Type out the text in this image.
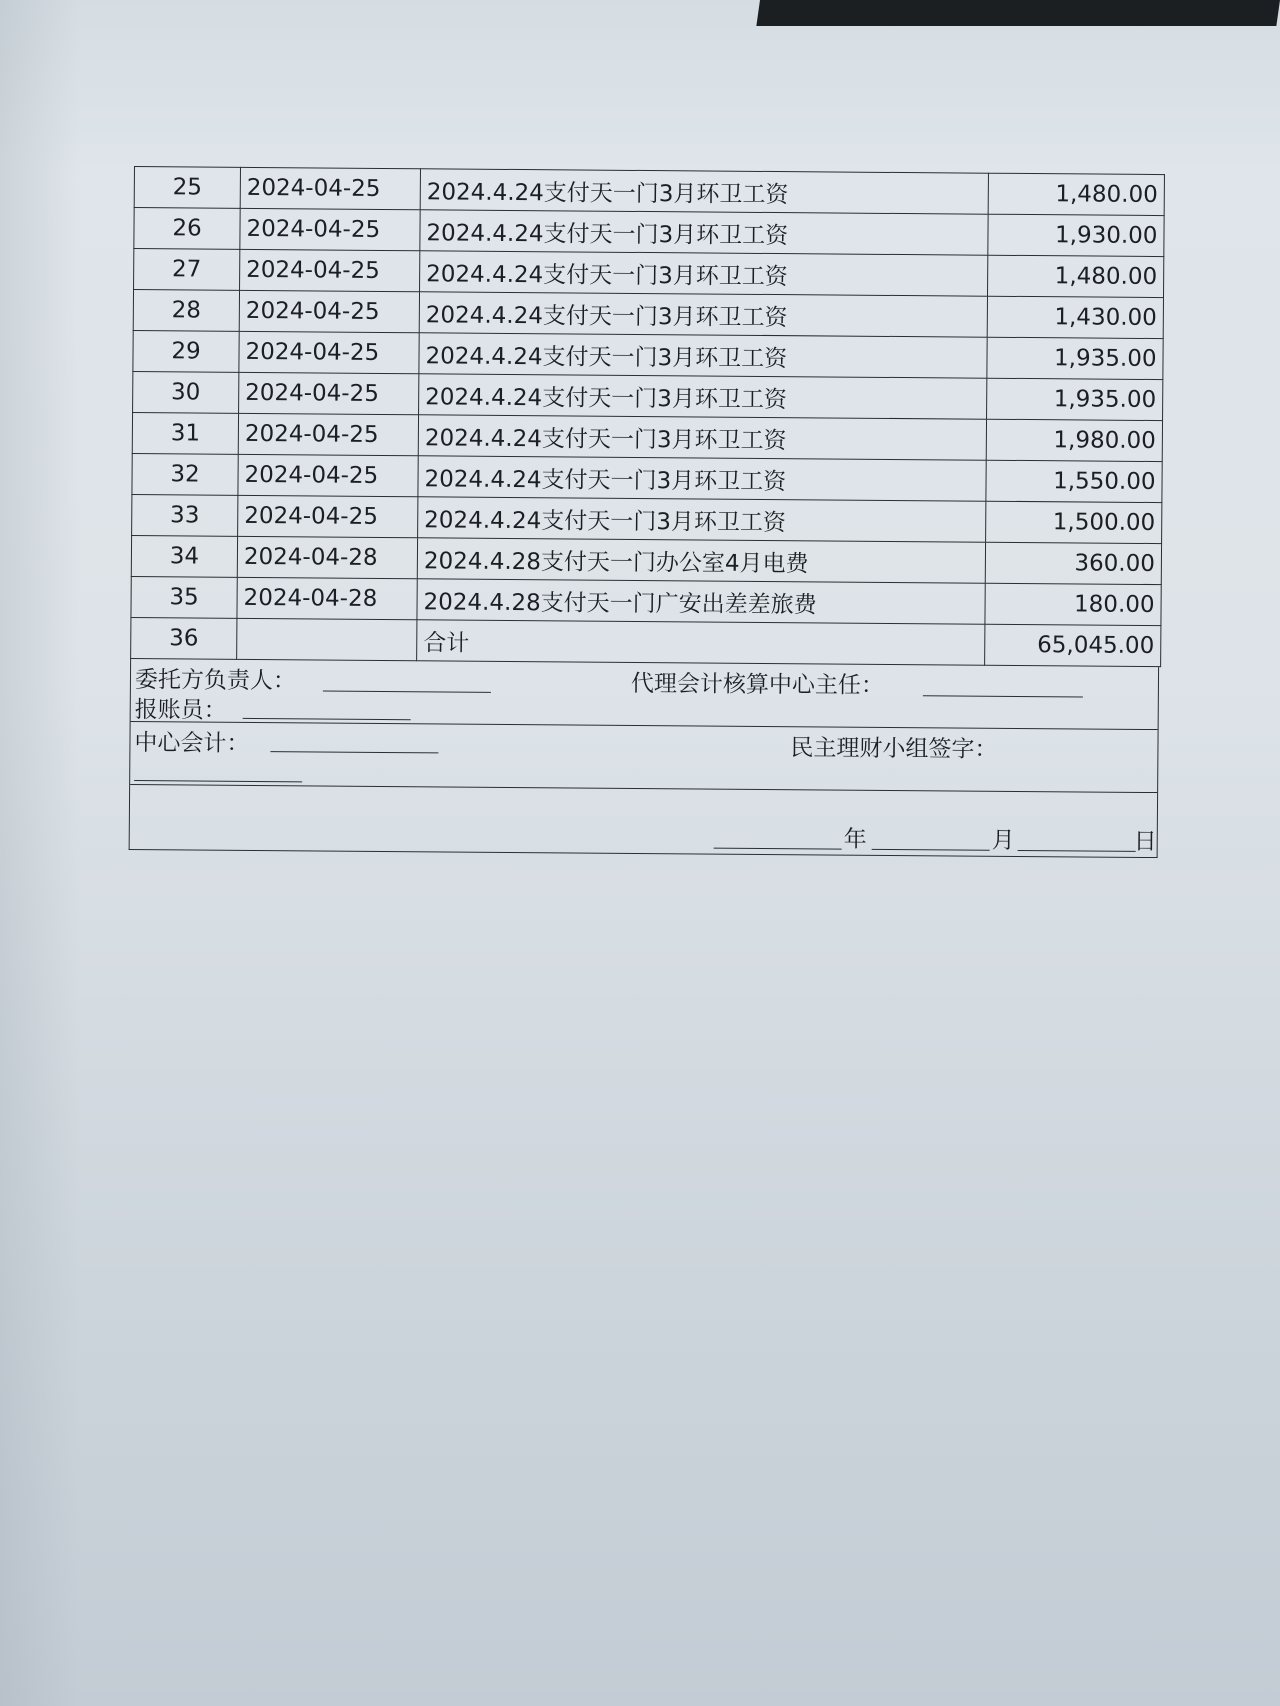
25	2024-04-25	2024.4.24支付天一门3月环卫工资	1,480.00
26	2024-04-25	2024.4.24支付天一门3月环卫工资	1,930.00
27	2024-04-25	2024.4.24支付天一门3月环卫工资	1,480.00
28	2024-04-25	2024.4.24支付天一门3月环卫工资	1,430.00
29	2024-04-25	2024.4.24支付天一门3月环卫工资	1,935.00
30	2024-04-25	2024.4.24支付天一门3月环卫工资	1,935.00
31	2024-04-25	2024.4.24支付天一门3月环卫工资	1,980.00
32	2024-04-25	2024.4.24支付天一门3月环卫工资	1,550.00
33	2024-04-25	2024.4.24支付天一门3月环卫工资	1,500.00
34	2024-04-28	2024.4.28支付天一门办公室4月电费	360.00
35	2024-04-28	2024.4.28支付天一门广安出差差旅费	180.00
36		合计	65,045.00
委托方负责人：	代理会计核算中心主任：
报账员：
中心会计：	民主理财小组签字：
年	月	日
